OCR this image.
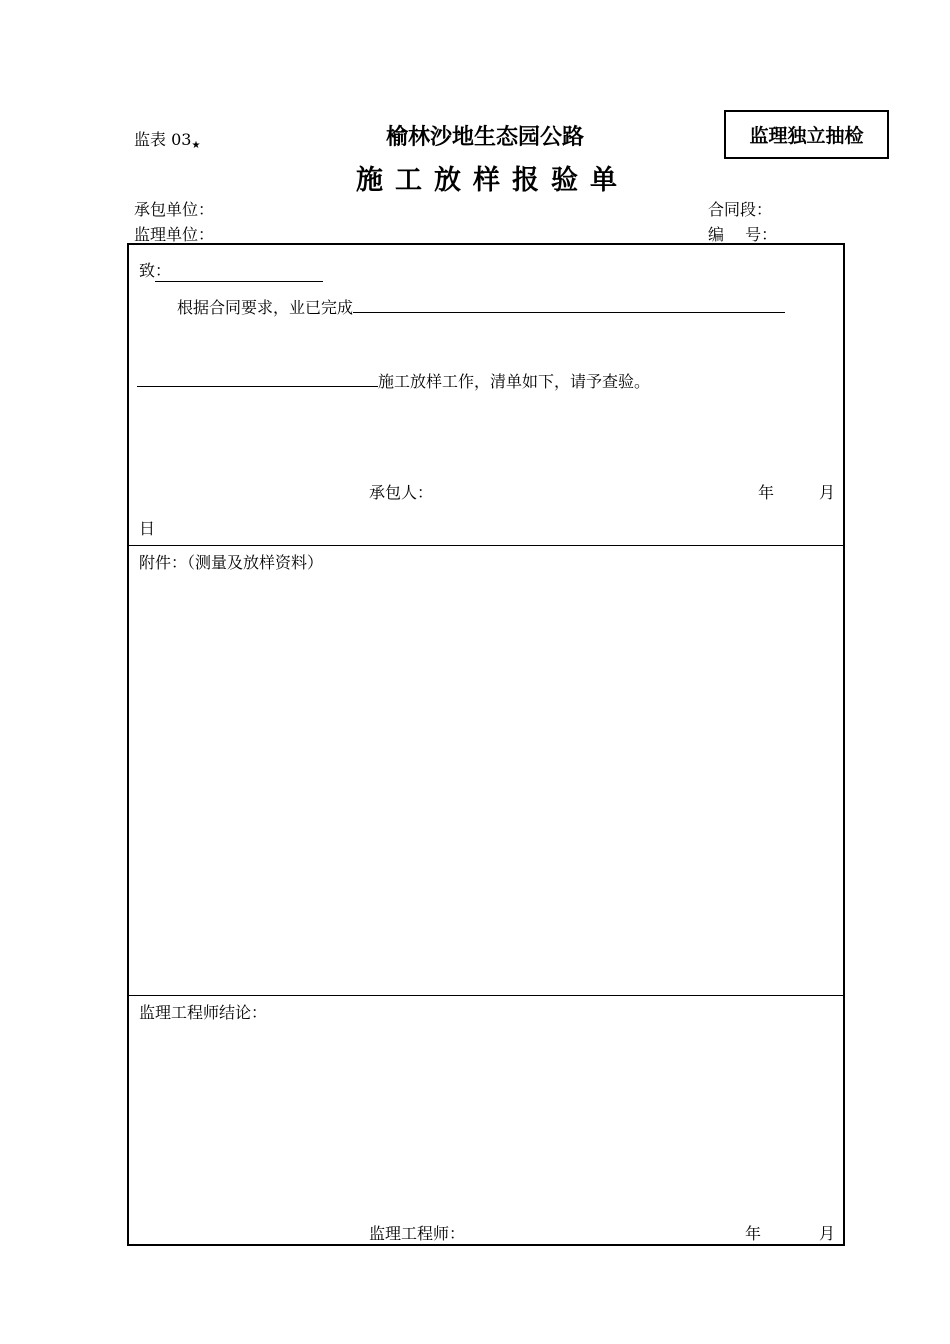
监表 03★	榆林沙地生态园公路
施工放样报验单
监理独立抽检
承包单位：
监理单位：
合同段：
编　 号：
致：
根据合同要求，业已完成
施工放样工作，清单如下，请予查验。
承包人：	年	月
日
附件：（测量及放样资料）
监理工程师结论：
监理工程师：	年	月
